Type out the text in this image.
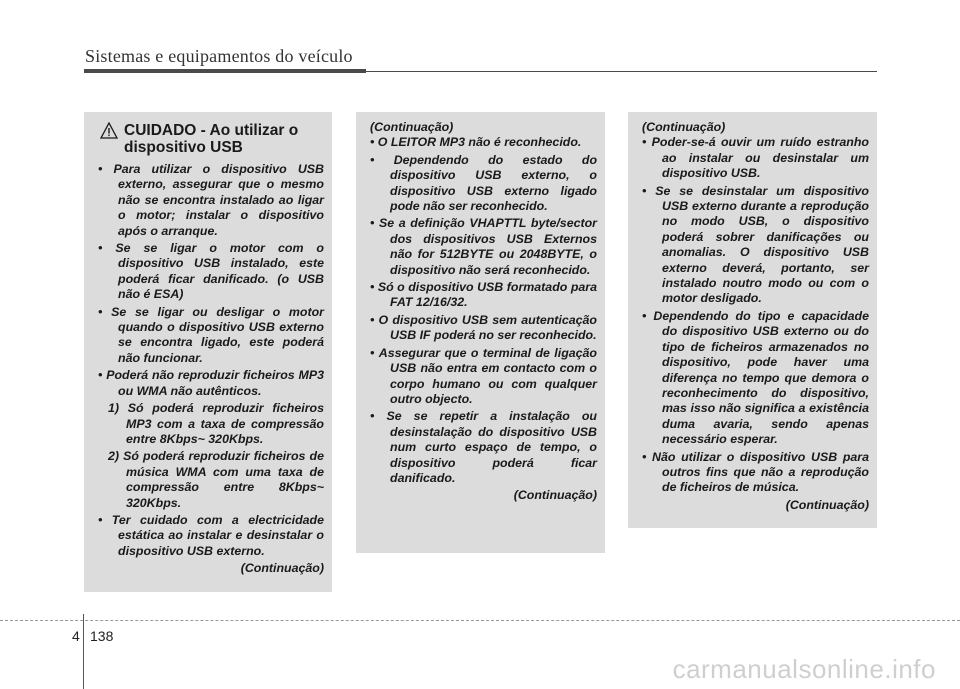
Sistemas e equipamentos do veículo
CUIDADO - Ao utilizar o
dispositivo USB
• Para utilizar o dispositivo USB externo, assegurar que o mesmo não se encontra instalado ao ligar o motor; instalar o dispositivo após o arranque.
• Se se ligar o motor com o dispositivo USB instalado, este poderá ficar danificado. (o USB não é ESA)
• Se se ligar ou desligar o motor quando o dispositivo USB externo se encontra ligado, este poderá não funcionar.
• Poderá não reproduzir ficheiros MP3 ou WMA não autênticos.
1) Só poderá reproduzir ficheiros MP3 com a taxa de compressão entre 8Kbps~ 320Kbps.
2) Só poderá reproduzir ficheiros de música WMA com uma taxa de compressão entre 8Kbps~ 320Kbps.
• Ter cuidado com a electricidade estática ao instalar e desinstalar o dispositivo USB externo.
(Continuação)
(Continuação)
• O LEITOR MP3 não é reconhecido.
• Dependendo do estado do dispositivo USB externo, o dispositivo USB externo ligado pode não ser reconhecido.
• Se a definição VHAPTTL byte/sector dos dispositivos USB Externos não for 512BYTE ou 2048BYTE, o dispositivo não será reconhecido.
• Só o dispositivo USB formatado para FAT 12/16/32.
• O dispositivo USB sem autenticação USB IF poderá no ser reconhecido.
• Assegurar que o terminal de ligação USB não entra em contacto com o corpo humano ou com qualquer outro objecto.
• Se se repetir a instalação ou desinstalação do dispositivo USB num curto espaço de tempo, o dispositivo poderá ficar danificado.
(Continuação)
(Continuação)
• Poder-se-á ouvir um ruído estranho ao instalar ou desinstalar um dispositivo USB.
• Se se desinstalar um dispositivo USB externo durante a reprodução no modo USB, o dispositivo poderá sobrer danificações ou anomalias. O dispositivo USB externo deverá, portanto, ser instalado noutro modo ou com o motor desligado.
• Dependendo do tipo e capacidade do dispositivo USB externo ou do tipo de ficheiros armazenados no dispositivo, pode haver uma diferença no tempo que demora o reconhecimento do dispositivo, mas isso não significa a existência duma avaria, sendo apenas necessário esperar.
• Não utilizar o dispositivo USB para outros fins que não a reprodução de ficheiros de música.
(Continuação)
4 138
carmanualsonline.info
